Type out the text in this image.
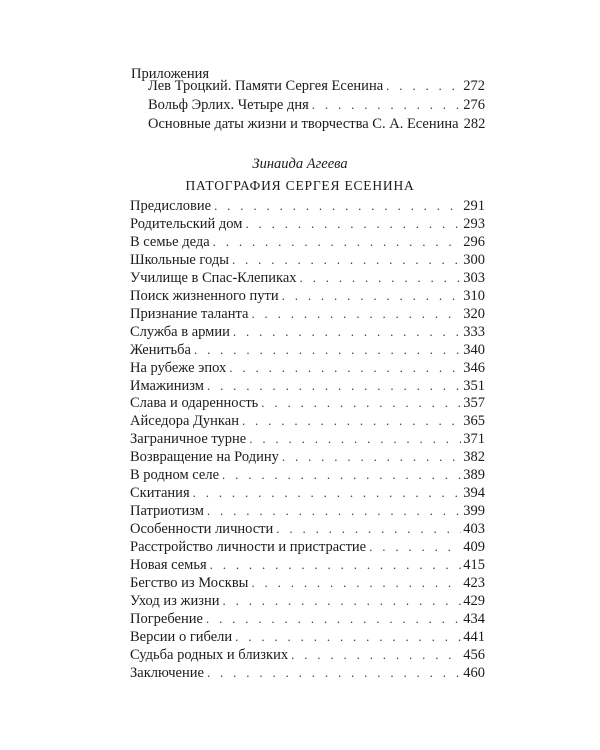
Приложения
Лев Троцкий. Памяти Сергея Есенина . . .	272
Вольф Эрлих. Четыре дня . . .	276
Основные даты жизни и творчества С. А. Есенина 282
Зинаида Агеева
ПАТОГРАФИЯ СЕРГЕЯ ЕСЕНИНА
Предисловие . . .	291
Родительский дом . . .	293
В семье деда . . .	296
Школьные годы . . .	300
Училище в Спас-Клепиках . . .	303
Поиск жизненного пути . . .	310
Признание таланта . . .	320
Служба в армии . . .	333
Женитьба . . .	340
На рубеже эпох . . .	346
Имажинизм . . .	351
Слава и одаренность . . .	357
Айседора Дункан . . .	365
Заграничное турне . . .	371
Возвращение на Родину . . .	382
В родном селе . . .	389
Скитания . . .	394
Патриотизм . . .	399
Особенности личности . . .	403
Расстройство личности и пристрастие . . .	409
Новая семья . . .	415
Бегство из Москвы . . .	423
Уход из жизни . . .	429
Погребение . . .	434
Версии о гибели . . .	441
Судьба родных и близких . . .	456
Заключение . . .	460
